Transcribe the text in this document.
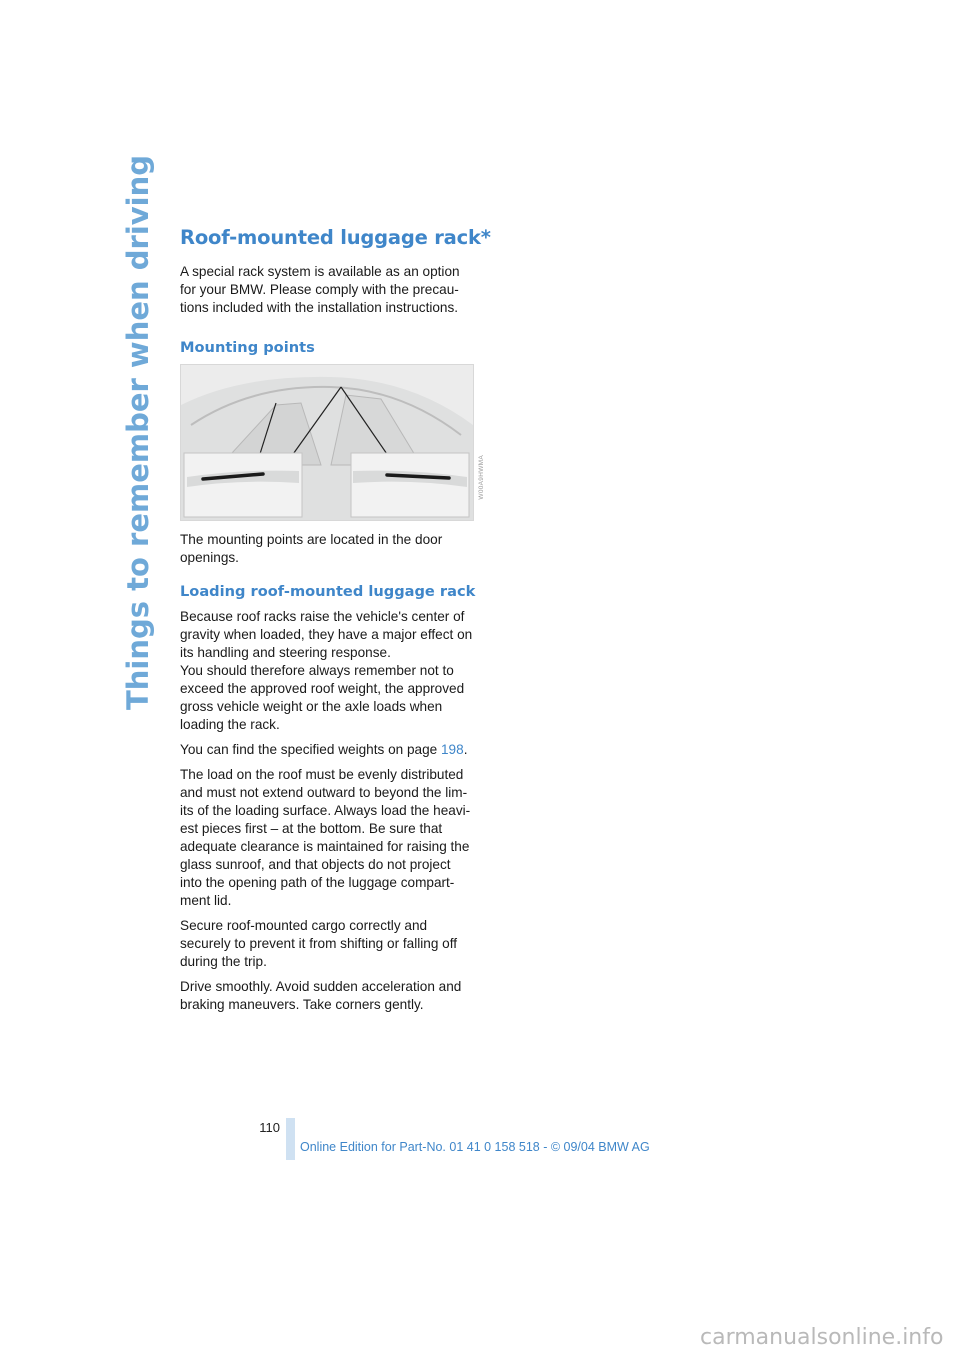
Things to remember when driving Roof-mounted luggage rack*

A special rack system is available as an option for your BMW. Please comply with the precau-tions included with the installation instructions.

Mounting points

The mounting points are located in the door openings.

Loading roof-mounted luggage rack

Because roof racks raise the vehicle's center of gravity when loaded, they have a major effect on its handling and steering response.

You should therefore always remember not to exceed the approved roof weight, the approved gross vehicle weight or the axle loads when loading the rack.

You can find the specified weights on page 198.

The load on the roof must be evenly distributed and must not extend outward to beyond the lim-its of the loading surface. Always load the heavi-est pieces first – at the bottom. Be sure that adequate clearance is maintained for raising the glass sunroof, and that objects do not project into the opening path of the luggage compart-ment lid.

Secure roof-mounted cargo correctly and securely to prevent it from shifting or falling off during the trip.

Drive smoothly. Avoid sudden acceleration and braking maneuvers. Take corners gently.

W00A9HWMA
110
Online Edition for Part-No. 01 41 0 158 518 - © 09/04 BMW AG
carmanualsonline.info
